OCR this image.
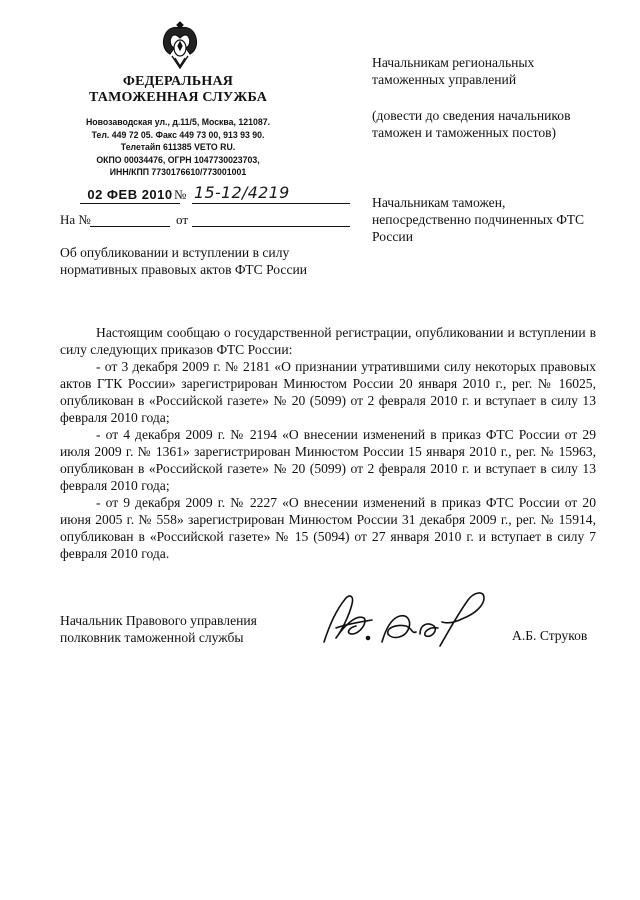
ФЕДЕРАЛЬНАЯ
ТАМОЖЕННАЯ СЛУЖБА
Новозаводская ул., д.11/5, Москва, 121087.
Тел. 449 72 05. Факс 449 73 00, 913 93 90.
Телетайп 611385 VETO RU.
ОКПО 00034476, ОГРН 1047730023703,
ИНН/КПП 7730176610/773001001
02 ФЕВ 2010 № 15-12/4219
На №	от
Начальникам региональных таможенных управлений
(довести до сведения начальников таможен и таможенных постов)
Начальникам таможен, непосредственно подчиненных ФТС России
Об опубликовании и вступлении в силу нормативных правовых актов ФТС России

Настоящим сообщаю о государственной регистрации, опубликовании и вступлении в силу следующих приказов ФТС России:

- от 3 декабря 2009 г. № 2181 «О признании утратившими силу некоторых правовых актов ГТК России» зарегистрирован Минюстом России 20 января 2010 г., рег. № 16025, опубликован в «Российской газете» № 20 (5099) от 2 февраля 2010 г. и вступает в силу 13 февраля 2010 года;

- от 4 декабря 2009 г. № 2194 «О внесении изменений в приказ ФТС России от 29 июля 2009 г. № 1361» зарегистрирован Минюстом России 15 января 2010 г., рег. № 15963, опубликован в «Российской газете» № 20 (5099) от 2 февраля 2010 г. и вступает в силу 13 февраля 2010 года;

- от 9 декабря 2009 г. № 2227 «О внесении изменений в приказ ФТС России от 20 июня 2005 г. № 558» зарегистрирован Минюстом России 31 декабря 2009 г., рег. № 15914, опубликован в «Российской газете» № 15 (5094) от 27 января 2010 г. и вступает в силу 7 февраля 2010 года.

Начальник Правового управления
полковник таможенной службы	А.Б. Струков
